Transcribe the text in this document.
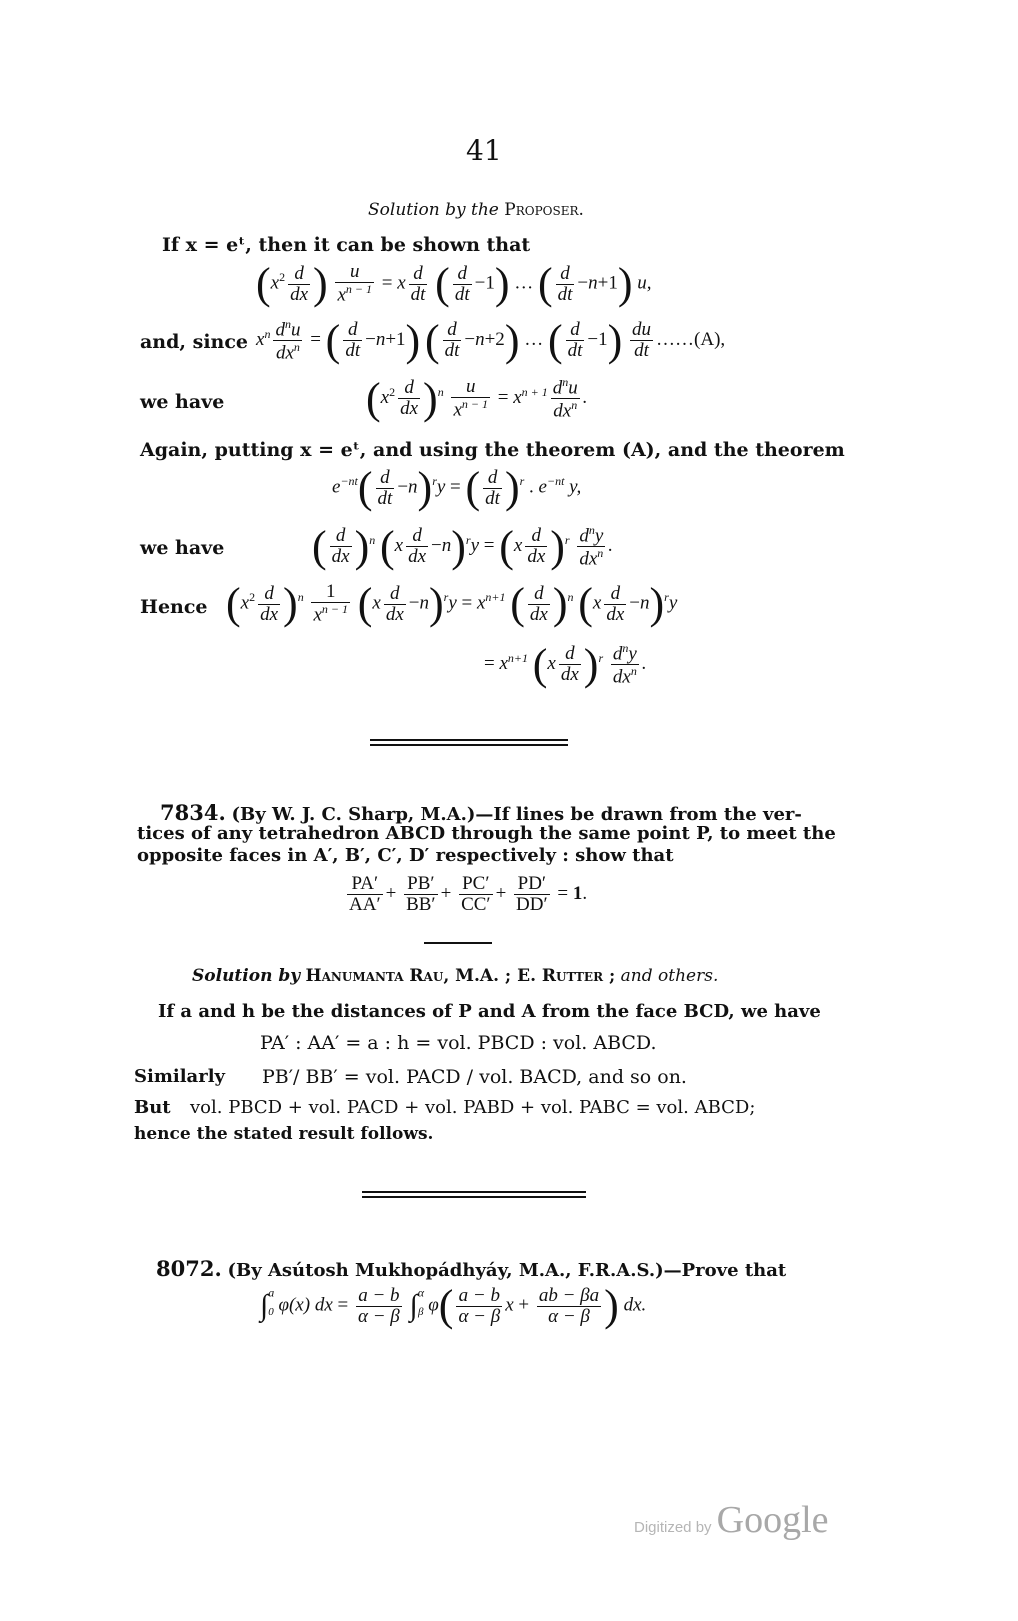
41
Solution by the Proposer.
If x = eᵗ, then it can be shown that
($x^2 \frac{d}{dx}$ ) $\frac{u}{x^{n - 1}} = x \frac{d}{dt}$ ( $\frac{d}{dt} -1$) … ( $\frac{d}{dt} -n+1$) u,
and, since $x^n \frac{d^nu}{dx^n}$ = ( $\frac{d}{dt} -n+1$) ( $\frac{d}{dt} -n+2$) … ( $\frac{d}{dt} -1) \frac{du}{dt}$ ……(A),
we have	$(x^2 \frac{d}{dx} )^n \frac{u}{x^{n - 1}} = x^{n + 1} \frac{d^nu}{dx^n}$ .
Again, putting x = eᵗ, and using the theorem (A), and the theorem
$e^{-nt}( \frac{d}{dt} -n)^ry$ = ( $\frac{d}{dt} )^r$ . $e^{-nt}$ y,
we have ( $\frac{d}{dx} )^n$ $(x \frac{d}{dx} -n)^ry = (x \frac{d}{dx} )^r \frac{d^ny}{dx^n}$ .
Hence $(x^2 \frac{d}{dx} )^n \frac{1}{x^{n - 1}} (x \frac{d}{dx} -n)^ry = x^{n+1}$ ( $\frac{d}{dx} )^n$ $(x \frac{d}{dx} -n)^ry$
= $x^{n+1}$ $(x \frac{d}{dx} )^r \frac{d^ny}{dx^n}$ .
7834. (By W. J. C. Sharp, M.A.)—If lines be drawn from the ver-
tices of any tetrahedron ABCD through the same point P, to meet the
opposite faces in A′, B′, C′, D′ respectively : show that
$\frac{PA'}{AA'} + \frac{PB'}{BB'} + \frac{PC'}{CC'} + \frac{PD'}{DD'} = 1$.
Solution by Hanumanta Rau, M.A. ; E. Rutter ; and others.
If a and h be the distances of P and A from the face BCD, we have
PA′ : AA′ = a : h = vol. PBCD : vol. ABCD.
Similarly PB′/ BB′ = vol. PACD / vol. BACD, and so on.
But vol. PBCD + vol. PACD + vol. PABD + vol. PABC = vol. ABCD;
hence the stated result follows.
8072. (By Asútosh Mukhopádhyáy, M.A., F.R.A.S.)—Prove that
∫$^a_0$ φ(x) dx = $\frac{a - b}{\alpha - \beta} \int^\alpha_\beta$ $\varphi( \frac{a - b}{\alpha - \beta}$ $x + \frac{ab - \beta a}{\alpha - \beta}$ ) dx.
Digitized by Google
